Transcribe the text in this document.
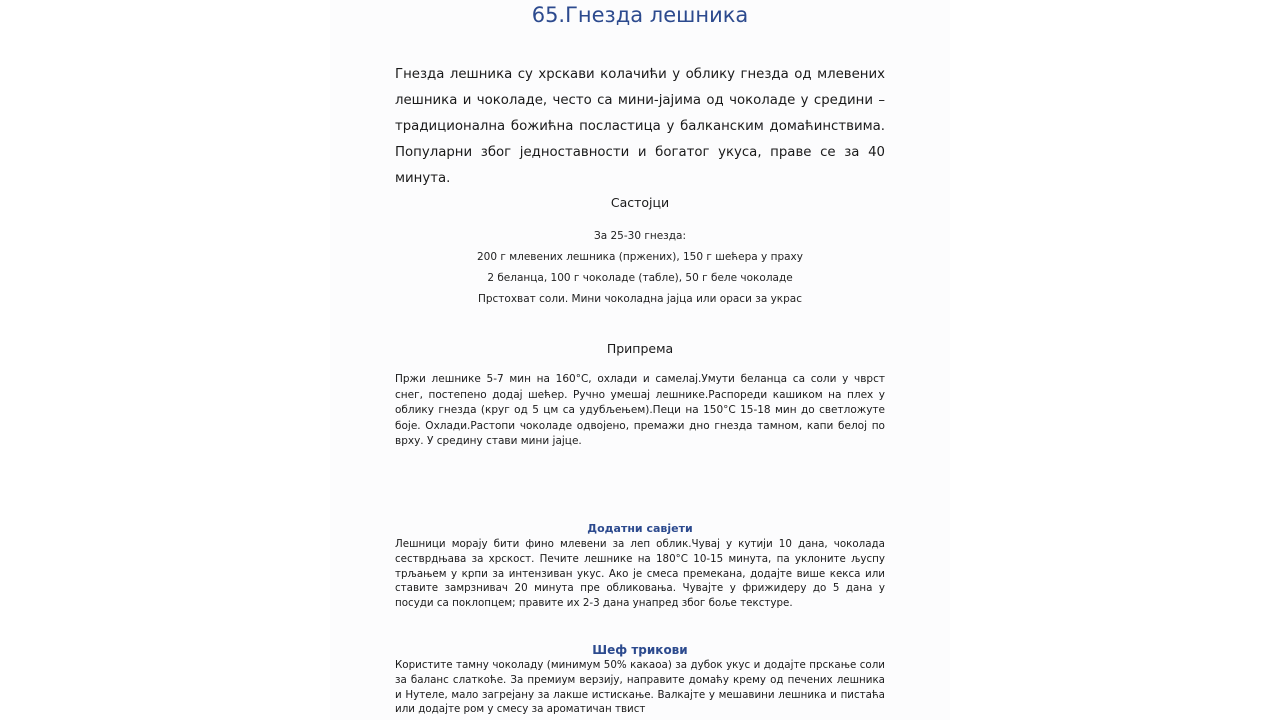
65.Гнезда лешника
Гнезда лешника су хрскави колачићи у облику гнезда од млевених лешника и чоколаде, често са мини-јајима од чоколаде у средини – традиционална божићна посластица у балканским домаћинствима. Популарни због једноставности и богатог укуса, праве се за 40 минута.
Састојци
За 25-30 гнезда:
200 г млевених лешника (пржених), 150 г шећера у праху
2 беланца, 100 г чоколаде (табле), 50 г беле чоколаде
Прстохват соли. Мини чоколадна јајца или ораси за украс
Припрема
Пржи лешнике 5-7 мин на 160°С, охлади и самелај.Умути беланца са соли у чврст снег, постепено додај шећер. Ручно умешај лешнике.Распореди кашиком на плех у облику гнезда (круг од 5 цм са удубљењем).Пеци на 150°С 15-18 мин до светложуте боје. Охлади.Растопи чоколаде одвојено, премажи дно гнезда тамном, капи белој по врху. У средину стави мини јајце.
Додатни савјети
Лешници морају бити фино млевени за леп облик.Чувај у кутији 10 дана, чоколада сестврдњава за хрскост. Печите лешнике на 180°C 10-15 минута, па уклоните љуспу трљањем у крпи за интензиван укус. Ако је смеса премекана, додајте више кекса или ставите замрзнивач 20 минута пре обликовања. Чувајте у фрижидеру до 5 дана у посуди са поклопцем; правите их 2-3 дана унапред због боље текстуре.
Шеф трикови
Користите тамну чоколаду (минимум 50% какаоа) за дубок укус и додајте прскање соли за баланс слаткоће. За премиум верзију, направите домаћу крему од печених лешника и Нутеле, мало загрејану за лакше истискање. Валкајте у мешавини лешника и пистаћа или додајте ром у смесу за ароматичан твист
